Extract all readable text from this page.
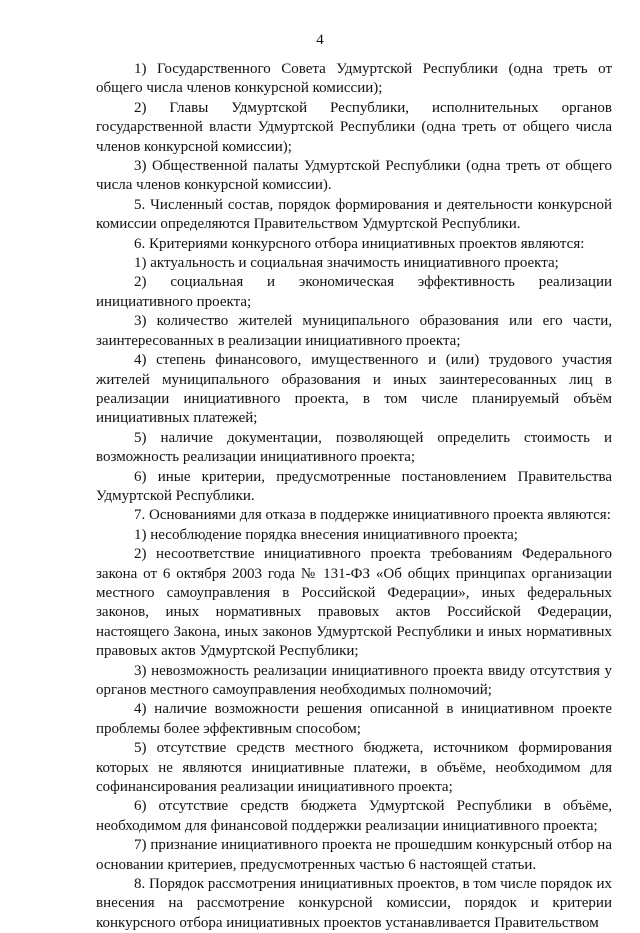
4

1) Государственного Совета Удмуртской Республики (одна треть от общего числа членов конкурсной комиссии);

2) Главы Удмуртской Республики, исполнительных органов государственной власти Удмуртской Республики (одна треть от общего числа членов конкурсной комиссии);

3) Общественной палаты Удмуртской Республики (одна треть от общего числа членов конкурсной комиссии).

5. Численный состав, порядок формирования и деятельности конкурсной комиссии определяются Правительством Удмуртской Республики.

6. Критериями конкурсного отбора инициативных проектов являются:

1) актуальность и социальная значимость инициативного проекта;

2) социальная и экономическая эффективность реализации инициативного проекта;

3) количество жителей муниципального образования или его части, заинтересованных в реализации инициативного проекта;

4) степень финансового, имущественного и (или) трудового участия жителей муниципального образования и иных заинтересованных лиц в реализации инициативного проекта, в том числе планируемый объём инициативных платежей;

5) наличие документации, позволяющей определить стоимость и возможность реализации инициативного проекта;

6) иные критерии, предусмотренные постановлением Правительства Удмуртской Республики.

7. Основаниями для отказа в поддержке инициативного проекта являются:

1) несоблюдение порядка внесения инициативного проекта;

2) несоответствие инициативного проекта требованиям Федерального закона от 6 октября 2003 года № 131-ФЗ «Об общих принципах организации местного самоуправления в Российской Федерации», иных федеральных законов, иных нормативных правовых актов Российской Федерации, настоящего Закона, иных законов Удмуртской Республики и иных нормативных правовых актов Удмуртской Республики;

3) невозможность реализации инициативного проекта ввиду отсутствия у органов местного самоуправления необходимых полномочий;

4) наличие возможности решения описанной в инициативном проекте проблемы более эффективным способом;

5) отсутствие средств местного бюджета, источником формирования которых не являются инициативные платежи, в объёме, необходимом для софинансирования реализации инициативного проекта;

6) отсутствие средств бюджета Удмуртской Республики в объёме, необходимом для финансовой поддержки реализации инициативного проекта;

7) признание инициативного проекта не прошедшим конкурсный отбор на основании критериев, предусмотренных частью 6 настоящей статьи.

8. Порядок рассмотрения инициативных проектов, в том числе порядок их внесения на рассмотрение конкурсной комиссии, порядок и критерии конкурсного отбора инициативных проектов устанавливается Правительством
